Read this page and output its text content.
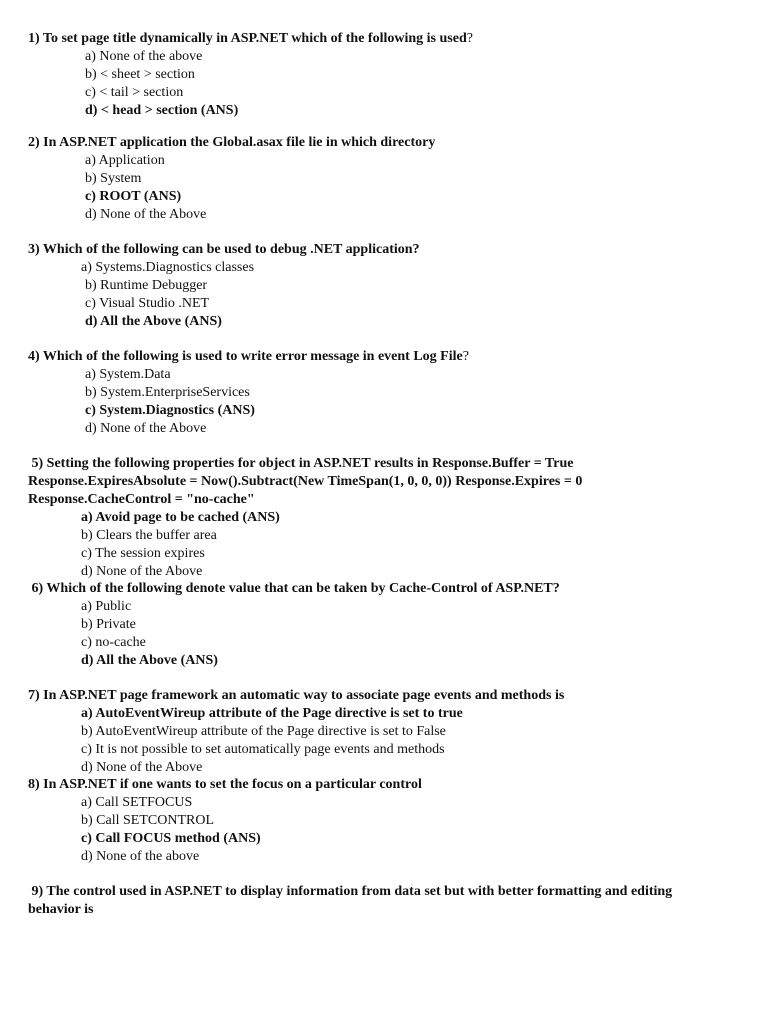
1) To set page title dynamically in ASP.NET which of the following is used?
a) None of the above
b) < sheet > section
c) < tail > section
d) < head > section (ANS)
2) In ASP.NET application the Global.asax file lie in which directory
a) Application
b) System
c) ROOT (ANS)
d) None of the Above
3) Which of the following can be used to debug .NET application?
a) Systems.Diagnostics classes
b) Runtime Debugger
c) Visual Studio .NET
d) All the Above (ANS)
4) Which of the following is used to write error message in event Log File?
a) System.Data
b) System.EnterpriseServices
c) System.Diagnostics (ANS)
d) None of the Above
5) Setting the following properties for object in ASP.NET results in Response.Buffer = True
Response.ExpiresAbsolute = Now().Subtract(New TimeSpan(1, 0, 0, 0)) Response.Expires = 0
Response.CacheControl = "no-cache"
a) Avoid page to be cached (ANS)
b) Clears the buffer area
c) The session expires
d) None of the Above
6) Which of the following denote value that can be taken by Cache-Control of ASP.NET?
a) Public
b) Private
c) no-cache
d) All the Above (ANS)
7) In ASP.NET page framework an automatic way to associate page events and methods is
a) AutoEventWireup attribute of the Page directive is set to true
b) AutoEventWireup attribute of the Page directive is set to False
c) It is not possible to set automatically page events and methods
d) None of the Above
8) In ASP.NET if one wants to set the focus on a particular control
a) Call SETFOCUS
b) Call SETCONTROL
c) Call FOCUS method (ANS)
d) None of the above
9) The control used in ASP.NET to display information from data set but with better formatting and editing
behavior is
